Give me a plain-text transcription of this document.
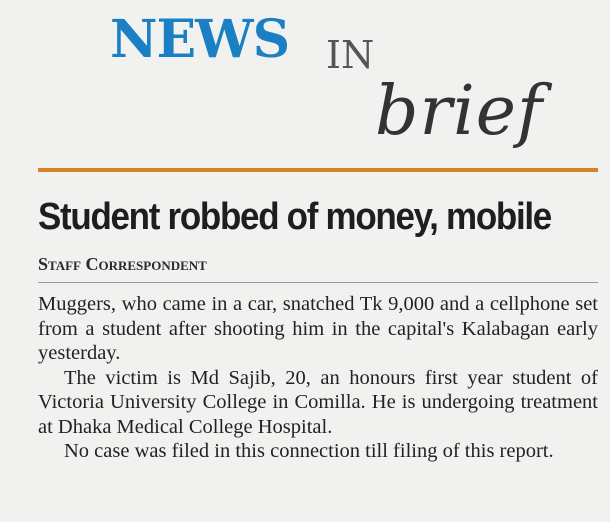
NEWS IN
brief
Student robbed of money, mobile
Staff Correspondent

Muggers, who came in a car, snatched Tk 9,000 and a cellphone set from a student after shooting him in the capital's Kalabagan early yesterday.

The victim is Md Sajib, 20, an honours first year student of Victoria University College in Comilla. He is undergoing treatment at Dhaka Medical College Hospital.

No case was filed in this connection till filing of this report.
